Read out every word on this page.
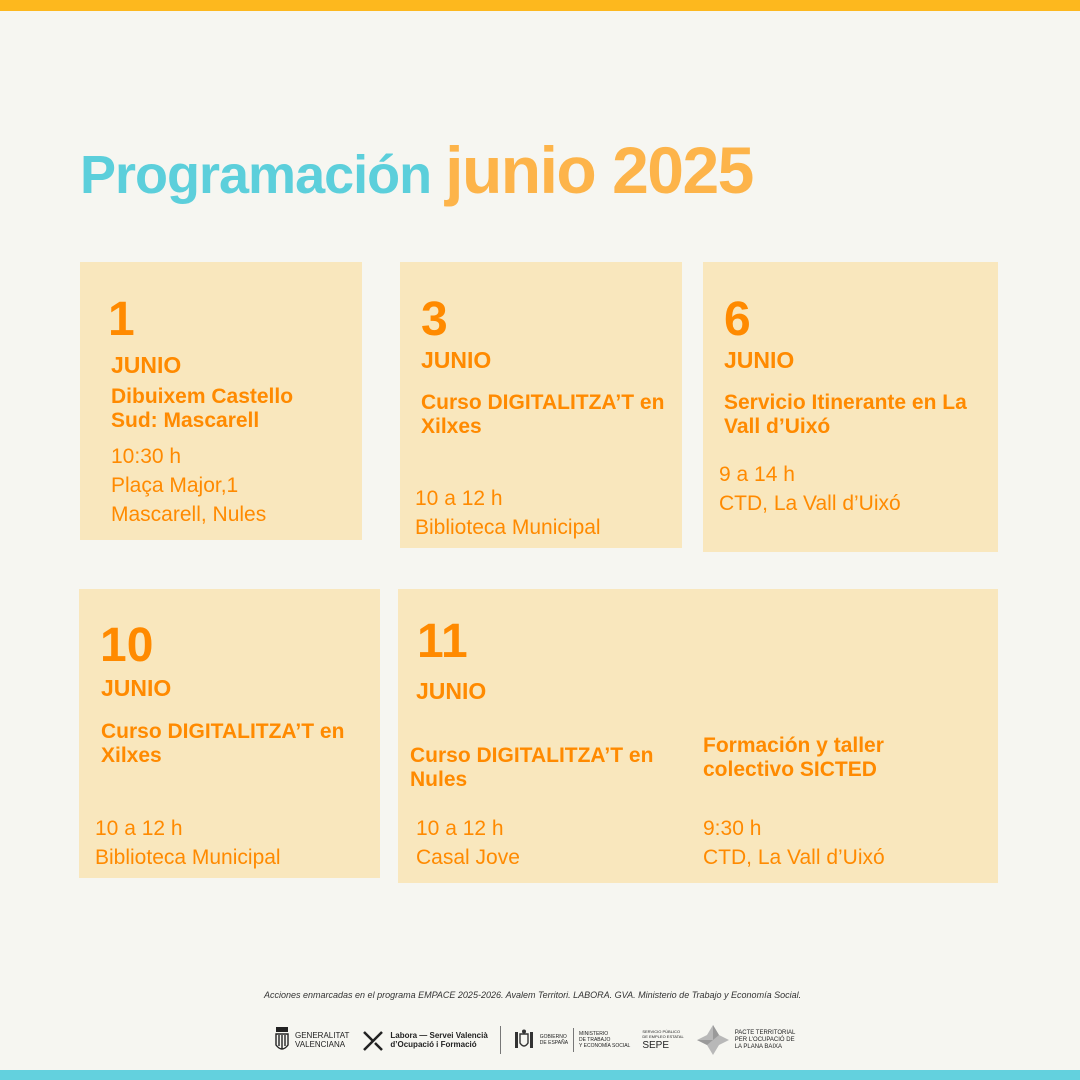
Programación junio 2025
1
JUNIO
Dibuixem Castello Sud: Mascarell
10:30 h
Plaça Major,1
Mascarell, Nules
3
JUNIO
Curso DIGITALITZA’T en Xilxes
10 a 12 h
Biblioteca Municipal
6
JUNIO
Servicio Itinerante en La Vall d’Uixó
9 a 14 h
CTD, La Vall d’Uixó
10
JUNIO
Curso DIGITALITZA’T en Xilxes
10 a 12 h
Biblioteca Municipal
11
JUNIO
Curso DIGITALITZA’T en Nules
10 a 12 h
Casal Jove
Formación y taller colectivo SICTED
9:30 h
CTD, La Vall d’Uixó
Acciones enmarcadas en el programa EMPACE 2025-2026. Avalem Territori. LABORA. GVA. Ministerio de Trabajo y Economía Social.
GENERALITAT
VALENCIANA
Labora — Servei Valencià
d’Ocupació i Formació
GOBIERNO
DE ESPAÑA
MINISTERIO
DE TRABAJO
Y ECONOMÍA SOCIAL
SERVICIO PÚBLICO
DE EMPLEO ESTATAL
SEPE
PACTE TERRITORIAL
PER L’OCUPACIÓ DE
LA PLANA BAIXA
